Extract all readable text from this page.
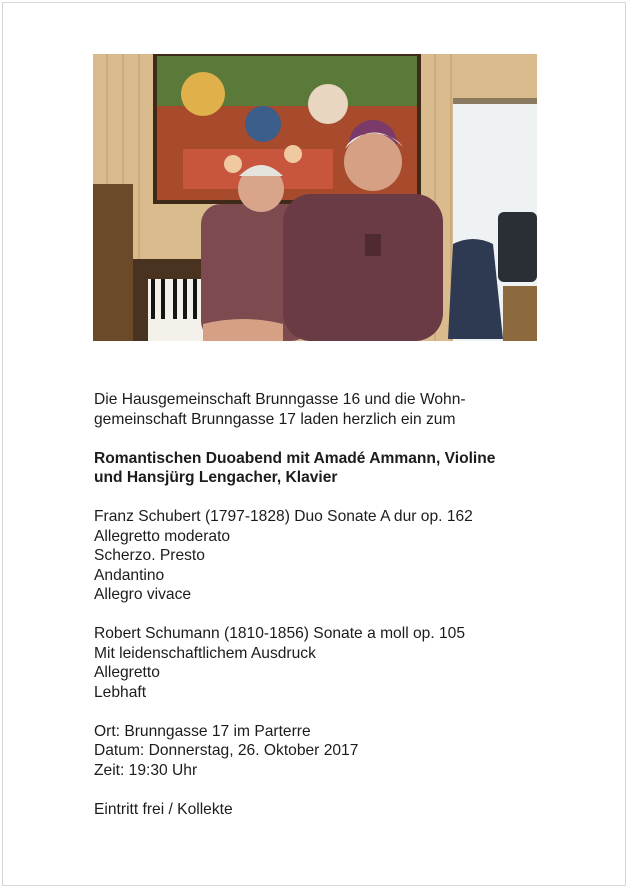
Die Hausgemeinschaft Brunngasse 16 und die Wohn-

gemeinschaft Brunngasse 17 laden herzlich ein zum

Romantischen Duoabend mit Amadé Ammann, Violine

und Hansjürg Lengacher, Klavier

Franz Schubert (1797-1828) Duo Sonate A dur op. 162

Allegretto moderato

Scherzo. Presto

Andantino

Allegro vivace

Robert Schumann (1810-1856) Sonate a moll op. 105

Mit leidenschaftlichem Ausdruck

Allegretto

Lebhaft

Ort: Brunngasse 17 im Parterre

Datum: Donnerstag, 26. Oktober 2017

Zeit: 19:30 Uhr

Eintritt frei / Kollekte
